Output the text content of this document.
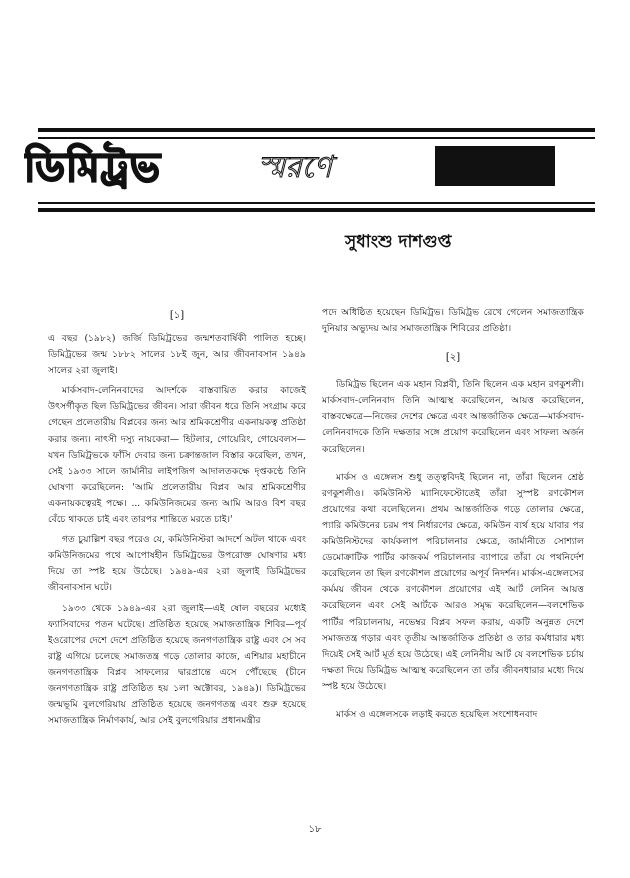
ডিমিট্রভ	স্মরণে
সুধাংশু দাশগুপ্ত
[১]

এ বছর (১৯৮২) জর্জি ডিমিট্রভের জন্মশতবার্ষিকী পালিত হচ্ছে। ডিমিট্রভের জন্ম ১৮৮২ সালের ১৮ই জুন, আর জীবনাবসান ১৯৪৯ সালের ২রা জুলাই।

মার্কসবাদ-লেনিনবাদের আদর্শকে বাস্তবায়িত করার কাজেই উৎসর্গীকৃত ছিল ডিমিট্রভের জীবন। সারা জীবন ধরে তিনি সংগ্রাম করে গেছেন প্রলেতারীয় বিপ্লবের জন্য আর শ্রমিকশ্রেণীর একনায়কত্ব প্রতিষ্ঠা করার জন্য। নাৎসী দস্যু নায়কেরা— হিটলার, গোয়েরিং, গোয়েবলস—যখন ডিমিট্রভকে ফাঁসি দেবার জন্য চক্রান্তজাল বিস্তার করেছিল, তখন, সেই ১৯৩৩ সালে জার্মানীর লাইপজিগ আদালতকক্ষে দৃপ্তকণ্ঠে তিনি ঘোষণা করেছিলেন: 'আমি প্রলেতারীয় বিপ্লব আর শ্রমিকশ্রেণীর একনায়কত্বেরই পক্ষে। ... কমিউনিজমের জন্য আমি আরও বিশ বছর বেঁচে থাকতে চাই এবং তারপর শান্তিতে মরতে চাই।'

গত চুয়াল্লিশ বছর পরেও যে, কমিউনিস্টরা আদর্শে অটল থাকে এবং কমিউনিজমের পথে আপোষহীন ডিমিট্রভের উপরোক্ত ঘোষণার মধ্য দিয়ে তা স্পষ্ট হয়ে উঠেছে। ১৯৪৯-এর ২রা জুলাই ডিমিট্রভের জীবনাবসান ঘটে।

১৯৩৩ থেকে ১৯৪৯-এর ২রা জুলাই—এই ষোল বছরের মধ্যেই ফ্যাসিবাদের পতন ঘটেছে। প্রতিষ্ঠিত হয়েছে সমাজতান্ত্রিক শিবির—পূর্ব ইওরোপের দেশে দেশে প্রতিষ্ঠিত হয়েছে জনগণতান্ত্রিক রাষ্ট্র এবং সে সব রাষ্ট্র এগিয়ে চলেছে সমাজতন্ত্র গড়ে তোলার কাজে, এশিয়ার মহাচীনে জনগণতান্ত্রিক বিপ্লব সাফল্যের দ্বারপ্রান্তে এসে পৌঁছেছে (চীনে জনগণতান্ত্রিক রাষ্ট্র প্রতিষ্ঠিত হয় ১লা অক্টোবর, ১৯৪৯)। ডিমিট্রভের জন্মভূমি বুলগেরিয়ায় প্রতিষ্ঠিত হয়েছে জনগণতন্ত্র এবং শুরু হয়েছে সমাজতান্ত্রিক নির্মাণকার্য, আর সেই বুলগেরিয়ার প্রধানমন্ত্রীর

পদে অধিষ্ঠিত হয়েছেন ডিমিট্রভ। ডিমিট্রভ রেখে গেলেন সমাজতান্ত্রিক দুনিয়ার অভ্যুদয় আর সমাজতান্ত্রিক শিবিরের প্রতিষ্ঠা।

[২]

ডিমিট্রভ ছিলেন এক মহান বিপ্লবী, তিনি ছিলেন এক মহান রণকুশলী। মার্কসবাদ-লেনিনবাদ তিনি আত্মস্থ করেছিলেন, আয়ত্ত করেছিলেন, বাস্তবক্ষেত্রে—নিজের দেশের ক্ষেত্রে এবং আন্তর্জাতিক ক্ষেত্রে—মার্কসবাদ-লেনিনবাদকে তিনি দক্ষতার সঙ্গে প্রয়োগ করেছিলেন এবং সাফল্য অর্জন করেছিলেন।

মার্কস ও এঙ্গেলস শুধু তত্ত্ববিদই ছিলেন না, তাঁরা ছিলেন শ্রেষ্ঠ রণকুশলীও। কমিউনিস্ট ম্যানিফেস্টোতেই তাঁরা সুস্পষ্ট রণকৌশল প্রয়োগের কথা বলেছিলেন। প্রথম আন্তর্জাতিক গড়ে তোলার ক্ষেত্রে, প্যারি কমিউনের চরম পথ নির্ধারণের ক্ষেত্রে, কমিউন ব্যর্থ হয়ে যাবার পর কমিউনিস্টদের কার্যকলাপ পরিচালনার ক্ষেত্রে, জার্মানীতে সোশ্যাল ডেমোক্রাটিক পার্টির কাজকর্ম পরিচালনার ব্যাপারে তাঁরা যে পথনির্দেশ করেছিলেন তা ছিল রণকৌশল প্রয়োগের অপূর্ব নিদর্শন। মার্কস-এঙ্গেলসের কর্মময় জীবন থেকে রণকৌশল প্রয়োগের এই আর্ট লেনিন আয়ত্ত করেছিলেন এবং সেই আর্টকে আরও সমৃদ্ধ করেছিলেন—বলশেভিক পার্টির পরিচালনায়, নভেম্বর বিপ্লব সফল করায়, একটি অনুন্নত দেশে সমাজতন্ত্র গড়ার এবং তৃতীয় আন্তর্জাতিক প্রতিষ্ঠা ও তার কর্মধারার মধ্য দিয়েই সেই আর্ট মূর্ত হয়ে উঠেছে। এই লেনিনীয় আর্ট যে বলশেভিক চর্চায় দক্ষতা দিয়ে ডিমিট্রভ আত্মস্থ করেছিলেন তা তাঁর জীবনধারার মধ্যে দিয়ে স্পষ্ট হয়ে উঠেছে।

মার্কস ও এঙ্গেলসকে লড়াই করতে হয়েছিল সংশোধনবাদ

১৮
